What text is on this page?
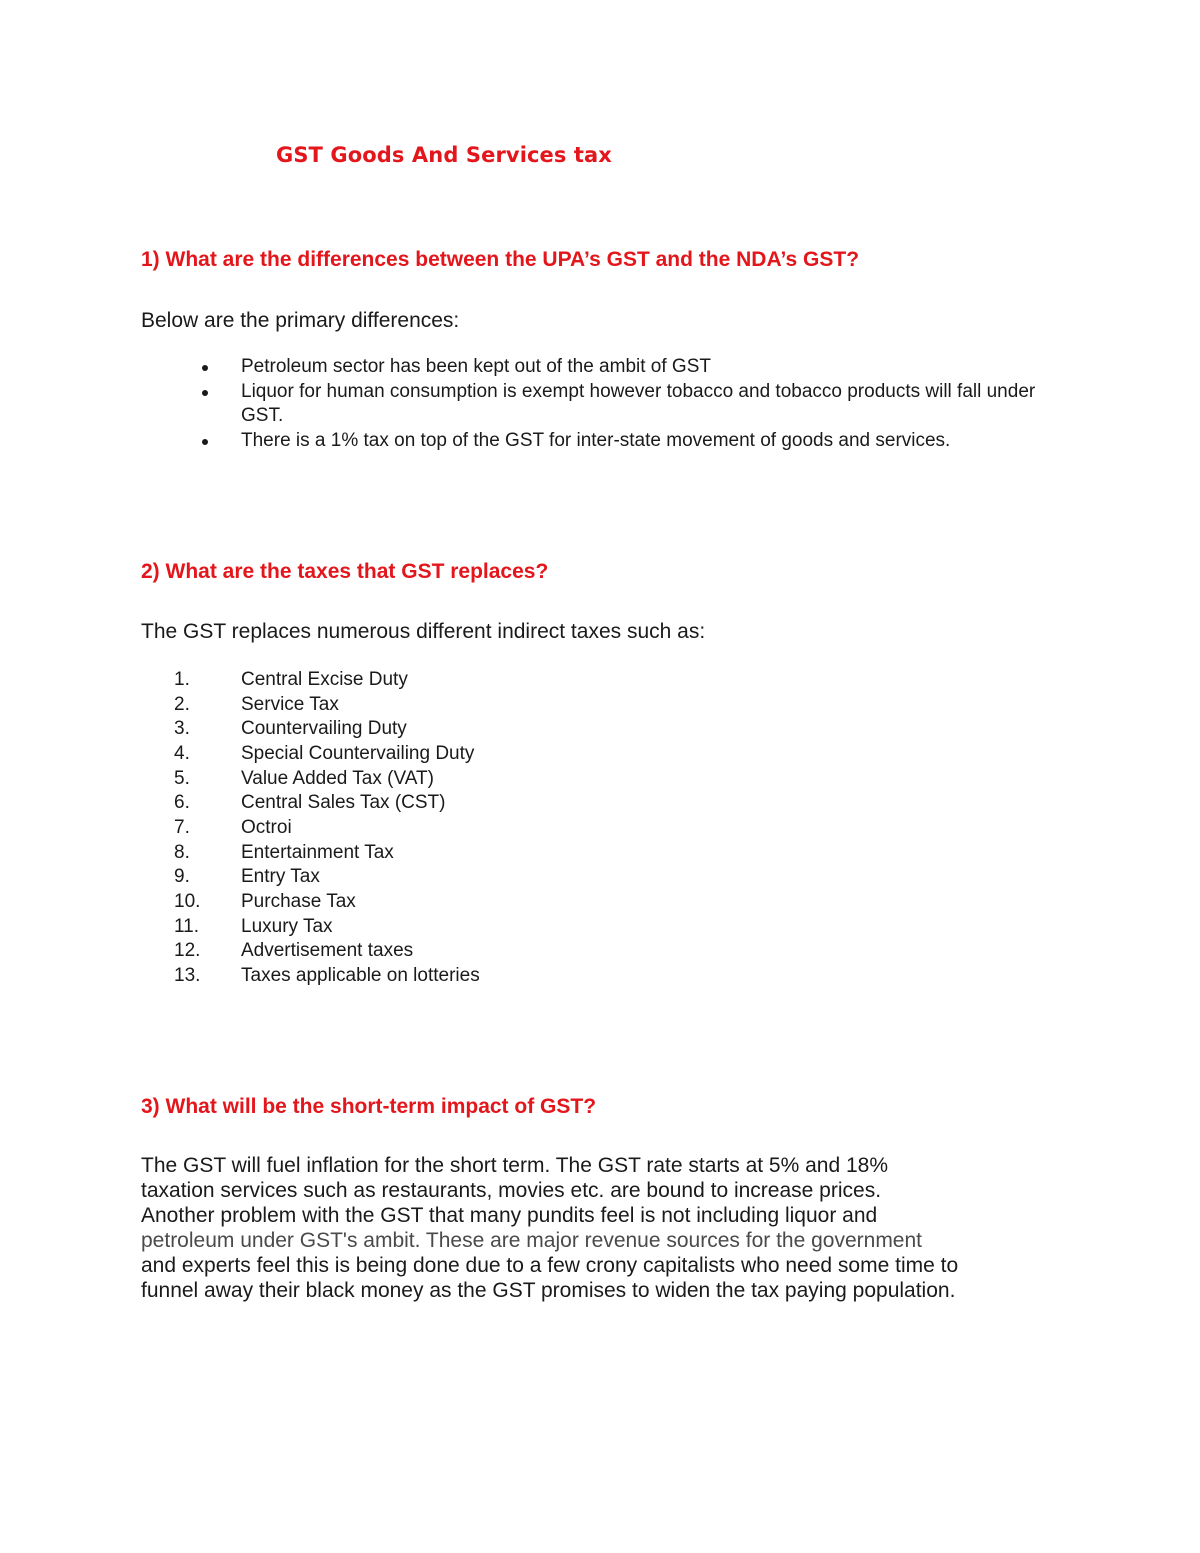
GST Goods And Services tax
1) What are the differences between the UPA’s GST and the NDA’s GST?

Below are the primary differences:

Petroleum sector has been kept out of the ambit of GST
Liquor for human consumption is exempt however tobacco and tobacco products will fall under GST.
There is a 1% tax on top of the GST for inter-state movement of goods and services.
2) What are the taxes that GST replaces?

The GST replaces numerous different indirect taxes such as:

1.	Central Excise Duty
2.	Service Tax
3.	Countervailing Duty
4.	Special Countervailing Duty
5.	Value Added Tax (VAT)
6.	Central Sales Tax (CST)
7.	Octroi
8.	Entertainment Tax
9.	Entry Tax
10.	Purchase Tax
11.	Luxury Tax
12.	Advertisement taxes
13.	Taxes applicable on lotteries
3) What will be the short-term impact of GST?
The GST will fuel inflation for the short term. The GST rate starts at 5% and 18%
taxation services such as restaurants, movies etc. are bound to increase prices.
Another problem with the GST that many pundits feel is not including liquor and
petroleum under GST's ambit. These are major revenue sources for the government
and experts feel this is being done due to a few crony capitalists who need some time to
funnel away their black money as the GST promises to widen the tax paying population.
